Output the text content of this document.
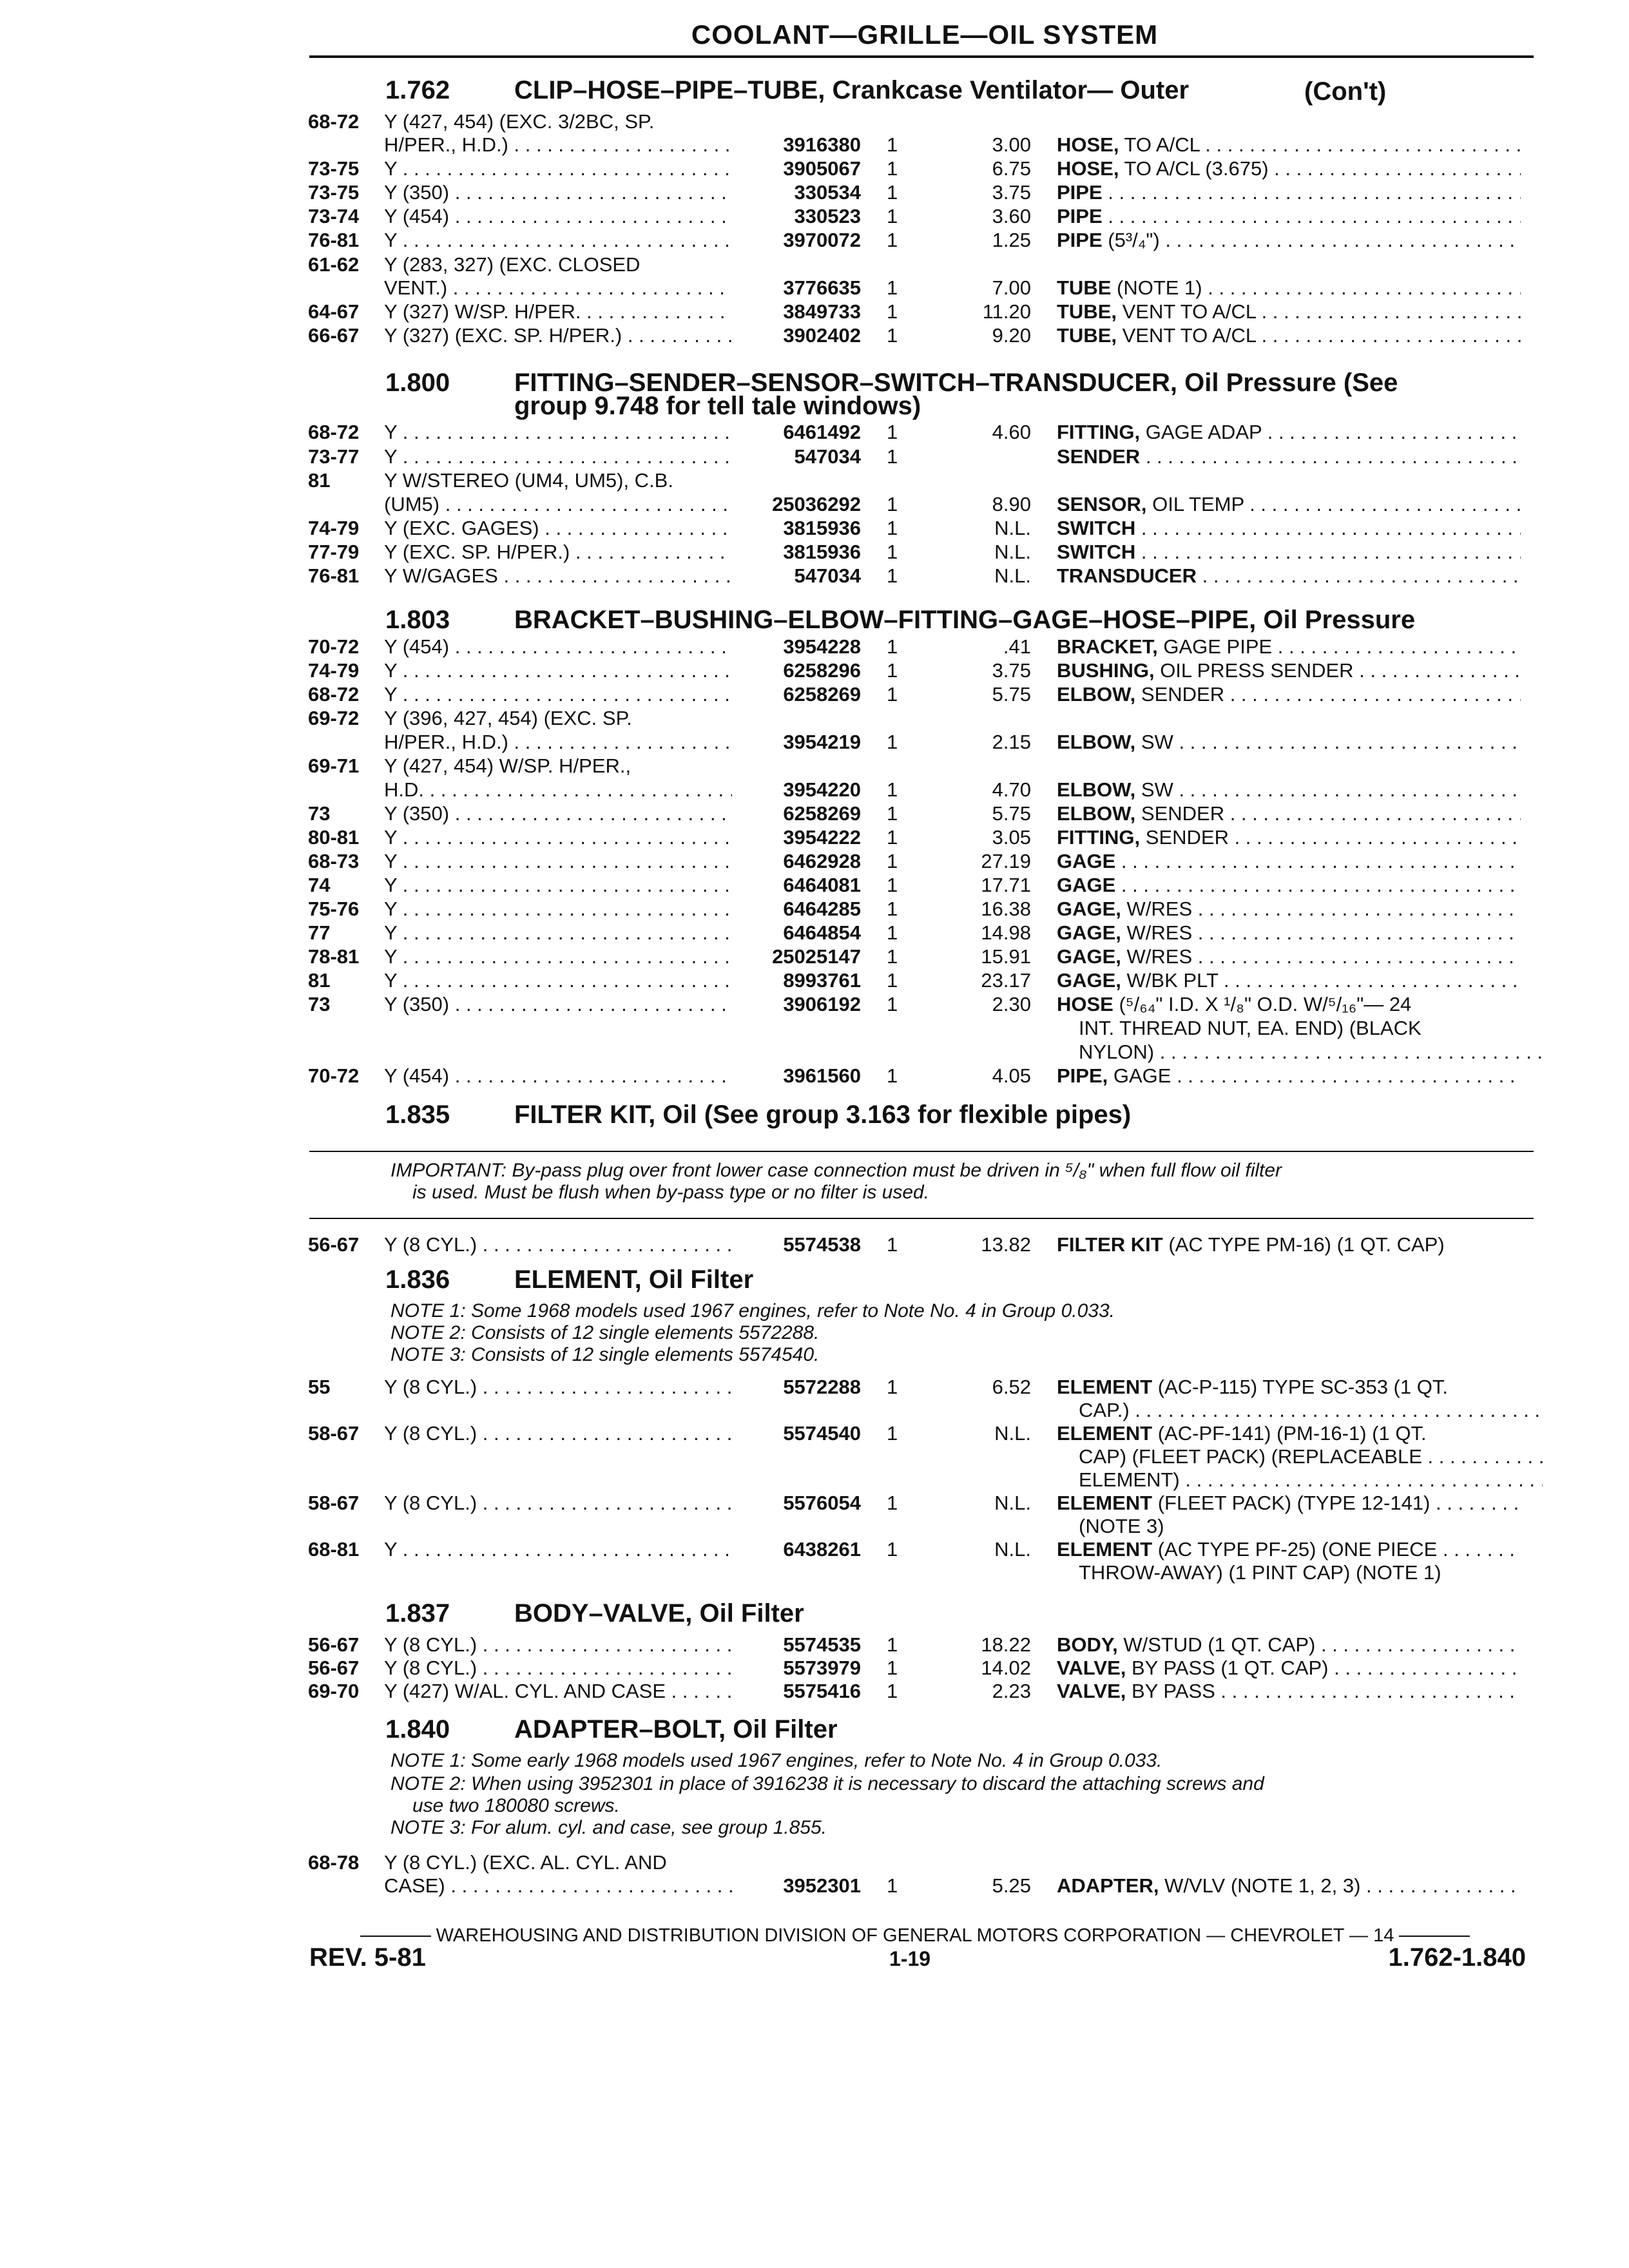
COOLANT—GRILLE—OIL SYSTEM
1.762 CLIP–HOSE–PIPE–TUBE, Crankcase Ventilator— Outer	(Con't)
1.800 FITTING–SENDER–SENSOR–SWITCH–TRANSDUCER, Oil Pressure (See
group 9.748 for tell tale windows)
1.803 BRACKET–BUSHING–ELBOW–FITTING–GAGE–HOSE–PIPE, Oil Pressure
1.835 FILTER KIT, Oil (See group 3.163 for flexible pipes)
IMPORTANT: By-pass plug over front lower case connection must be driven in ⁵/₈" when full flow oil filter
is used. Must be flush when by-pass type or no filter is used.
1.836 ELEMENT, Oil Filter
NOTE 1: Some 1968 models used 1967 engines, refer to Note No. 4 in Group 0.033.
NOTE 2: Consists of 12 single elements 5572288.
NOTE 3: Consists of 12 single elements 5574540.
1.837 BODY–VALVE, Oil Filter
1.840 ADAPTER–BOLT, Oil Filter
NOTE 1: Some early 1968 models used 1967 engines, refer to Note No. 4 in Group 0.033.
NOTE 2: When using 3952301 in place of 3916238 it is necessary to discard the attaching screws and
use two 180080 screws.
NOTE 3: For alum. cyl. and case, see group 1.855.
68-72 Y (427, 454) (EXC. 3/2BC, SP.
H/PER., H.D.) . . .	3916380 1	3.00 HOSE, TO A/CL . . .
73-75 Y . . .	3905067 1	6.75 HOSE, TO A/CL (3.675) . . .
73-75 Y (350) . . .	330534 1	3.75 PIPE . . .
73-74 Y (454) . . .	330523 1	3.60 PIPE . . .
76-81 Y . . .	3970072 1	1.25 PIPE (5³/₄") . . .
61-62 Y (283, 327) (EXC. CLOSED
VENT.) . . .	3776635 1	7.00 TUBE (NOTE 1) . . .
64-67 Y (327) W/SP. H/PER. . . .	3849733 1	11.20 TUBE, VENT TO A/CL . . .
66-67 Y (327) (EXC. SP. H/PER.) . . .	3902402 1	9.20 TUBE, VENT TO A/CL . . .
68-72 Y . . .	6461492 1	4.60 FITTING, GAGE ADAP . . .
73-77 Y . . .	547034 1	SENDER . . .
81	Y W/STEREO (UM4, UM5), C.B.
(UM5) . . .	25036292 1	8.90 SENSOR, OIL TEMP . . .
74-79 Y (EXC. GAGES) . . .	3815936 1	N.L. SWITCH . . .
77-79 Y (EXC. SP. H/PER.) . . .	3815936 1	N.L. SWITCH . . .
76-81 Y W/GAGES . . .	547034 1	N.L. TRANSDUCER . . .
70-72 Y (454) . . .	3954228 1	.41 BRACKET, GAGE PIPE . . .
74-79 Y . . .	6258296 1	3.75 BUSHING, OIL PRESS SENDER . . .
68-72 Y . . .	6258269 1	5.75 ELBOW, SENDER . . .
69-72 Y (396, 427, 454) (EXC. SP.
H/PER., H.D.) . . .	3954219 1	2.15 ELBOW, SW . . .
69-71 Y (427, 454) W/SP. H/PER.,
H.D. . . .	3954220 1	4.70 ELBOW, SW . . .
73	Y (350) . . .	6258269 1	5.75 ELBOW, SENDER . . .
80-81 Y . . .	3954222 1	3.05 FITTING, SENDER . . .
68-73 Y . . .	6462928 1	27.19 GAGE . . .
74	Y . . .	6464081 1	17.71 GAGE . . .
75-76 Y . . .	6464285 1	16.38 GAGE, W/RES . . .
77	Y . . .	6464854 1	14.98 GAGE, W/RES . . .
78-81 Y . . .	25025147 1	15.91 GAGE, W/RES . . .
81	Y . . .	8993761 1	23.17 GAGE, W/BK PLT . . .
73	Y (350) . . .	3906192 1	2.30 HOSE (⁵/₆₄" I.D. X ¹/₈" O.D. W/⁵/₁₆"— 24
INT. THREAD NUT, EA. END) (BLACK
NYLON) . . .
70-72 Y (454) . . .	3961560 1	4.05 PIPE, GAGE . . .
56-67 Y (8 CYL.) . . .	5574538 1	13.82 FILTER KIT (AC TYPE PM-16) (1 QT. CAP)
55	Y (8 CYL.) . . .	5572288 1	6.52 ELEMENT (AC-P-115) TYPE SC-353 (1 QT.
CAP.) . . .
58-67 Y (8 CYL.) . . .	5574540 1	N.L. ELEMENT (AC-PF-141) (PM-16-1) (1 QT.
CAP) (FLEET PACK) (REPLACEABLE . . .
ELEMENT) . . .
58-67 Y (8 CYL.) . . .	5576054 1	N.L. ELEMENT (FLEET PACK) (TYPE 12-141) . . .
(NOTE 3)
68-81 Y . . .	6438261 1	N.L. ELEMENT (AC TYPE PF-25) (ONE PIECE . . .
THROW-AWAY) (1 PINT CAP) (NOTE 1)
56-67 Y (8 CYL.) . . .	5574535 1	18.22 BODY, W/STUD (1 QT. CAP) . . .
56-67 Y (8 CYL.) . . .	5573979 1	14.02 VALVE, BY PASS (1 QT. CAP) . . .
69-70 Y (427) W/AL. CYL. AND CASE . . .	5575416 1	2.23 VALVE, BY PASS . . .
68-78 Y (8 CYL.) (EXC. AL. CYL. AND
CASE) . . .	3952301 1	5.25 ADAPTER, W/VLV (NOTE 1, 2, 3) . . .
WAREHOUSING AND DISTRIBUTION DIVISION OF GENERAL MOTORS CORPORATION — CHEVROLET — 14
REV. 5-81	1-19	1.762-1.840
